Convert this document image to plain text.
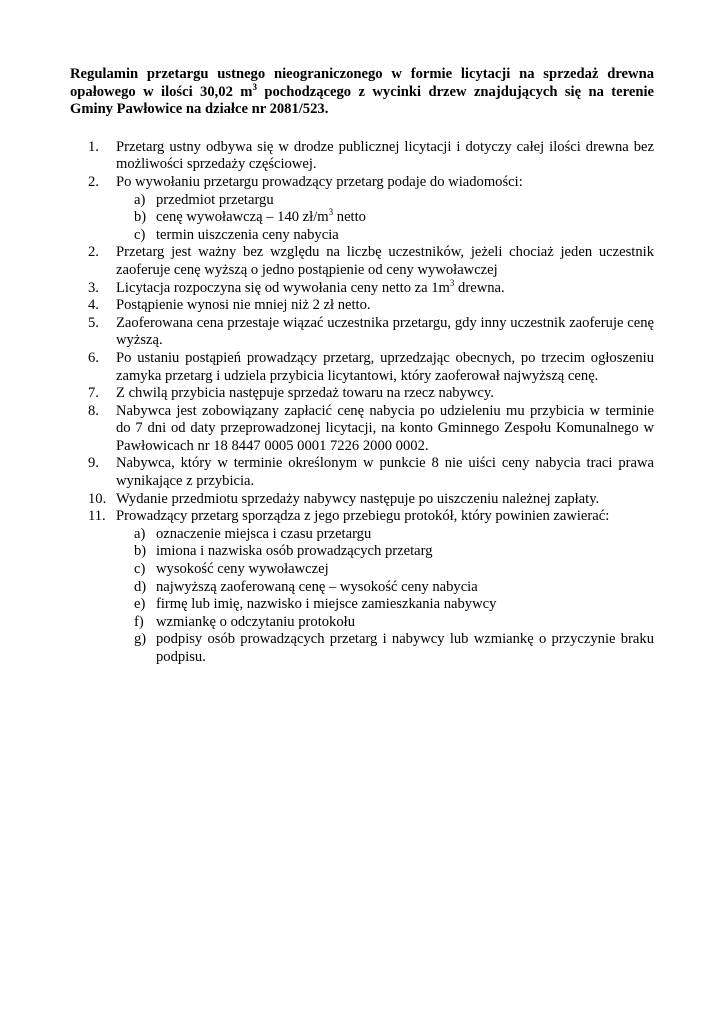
Regulamin przetargu ustnego nieograniczonego w formie licytacji na sprzedaż drewna opałowego w ilości 30,02 $m^3$ pochodzącego z wycinki drzew znajdujących się na terenie Gminy Pawłowice na działce nr 2081/523.

1.	Przetarg ustny odbywa się w drodze publicznej licytacji i dotyczy całej ilości drewna bez możliwości sprzedaży częściowej.
2.	Po wywołaniu przetargu prowadzący przetarg podaje do wiadomości:
a) przedmiot przetargu
b) cenę wywoławczą – 140 $zł/m^3$ netto
c) termin uiszczenia ceny nabycia
2.	Przetarg jest ważny bez względu na liczbę uczestników, jeżeli chociaż jeden uczestnik zaoferuje cenę wyższą o jedno postąpienie od ceny wywoławczej
3.	Licytacja rozpoczyna się od wywołania ceny netto za $1m^3$ drewna.
4.	Postąpienie wynosi nie mniej niż 2 zł netto.
5.	Zaoferowana cena przestaje wiązać uczestnika przetargu, gdy inny uczestnik zaoferuje cenę wyższą.
6.	Po ustaniu postąpień prowadzący przetarg, uprzedzając obecnych, po trzecim ogłoszeniu zamyka przetarg i udziela przybicia licytantowi, który zaoferował najwyższą cenę.
7.	Z chwilą przybicia następuje sprzedaż towaru na rzecz nabywcy.
8.	Nabywca jest zobowiązany zapłacić cenę nabycia po udzieleniu mu przybicia w terminie do 7 dni od daty przeprowadzonej licytacji, na konto Gminnego Zespołu Komunalnego w Pawłowicach nr 18 8447 0005 0001 7226 2000 0002.
9.	Nabywca, który w terminie określonym w punkcie 8 nie uiści ceny nabycia traci prawa wynikające z przybicia.
10. Wydanie przedmiotu sprzedaży nabywcy następuje po uiszczeniu należnej zapłaty.
11. Prowadzący przetarg sporządza z jego przebiegu protokół, który powinien zawierać:
a) oznaczenie miejsca i czasu przetargu
b) imiona i nazwiska osób prowadzących przetarg
c) wysokość ceny wywoławczej
d) najwyższą zaoferowaną cenę – wysokość ceny nabycia
e) firmę lub imię, nazwisko i miejsce zamieszkania nabywcy
f) wzmiankę o odczytaniu protokołu
g) podpisy osób prowadzących przetarg i nabywcy lub wzmiankę o przyczynie braku podpisu.
